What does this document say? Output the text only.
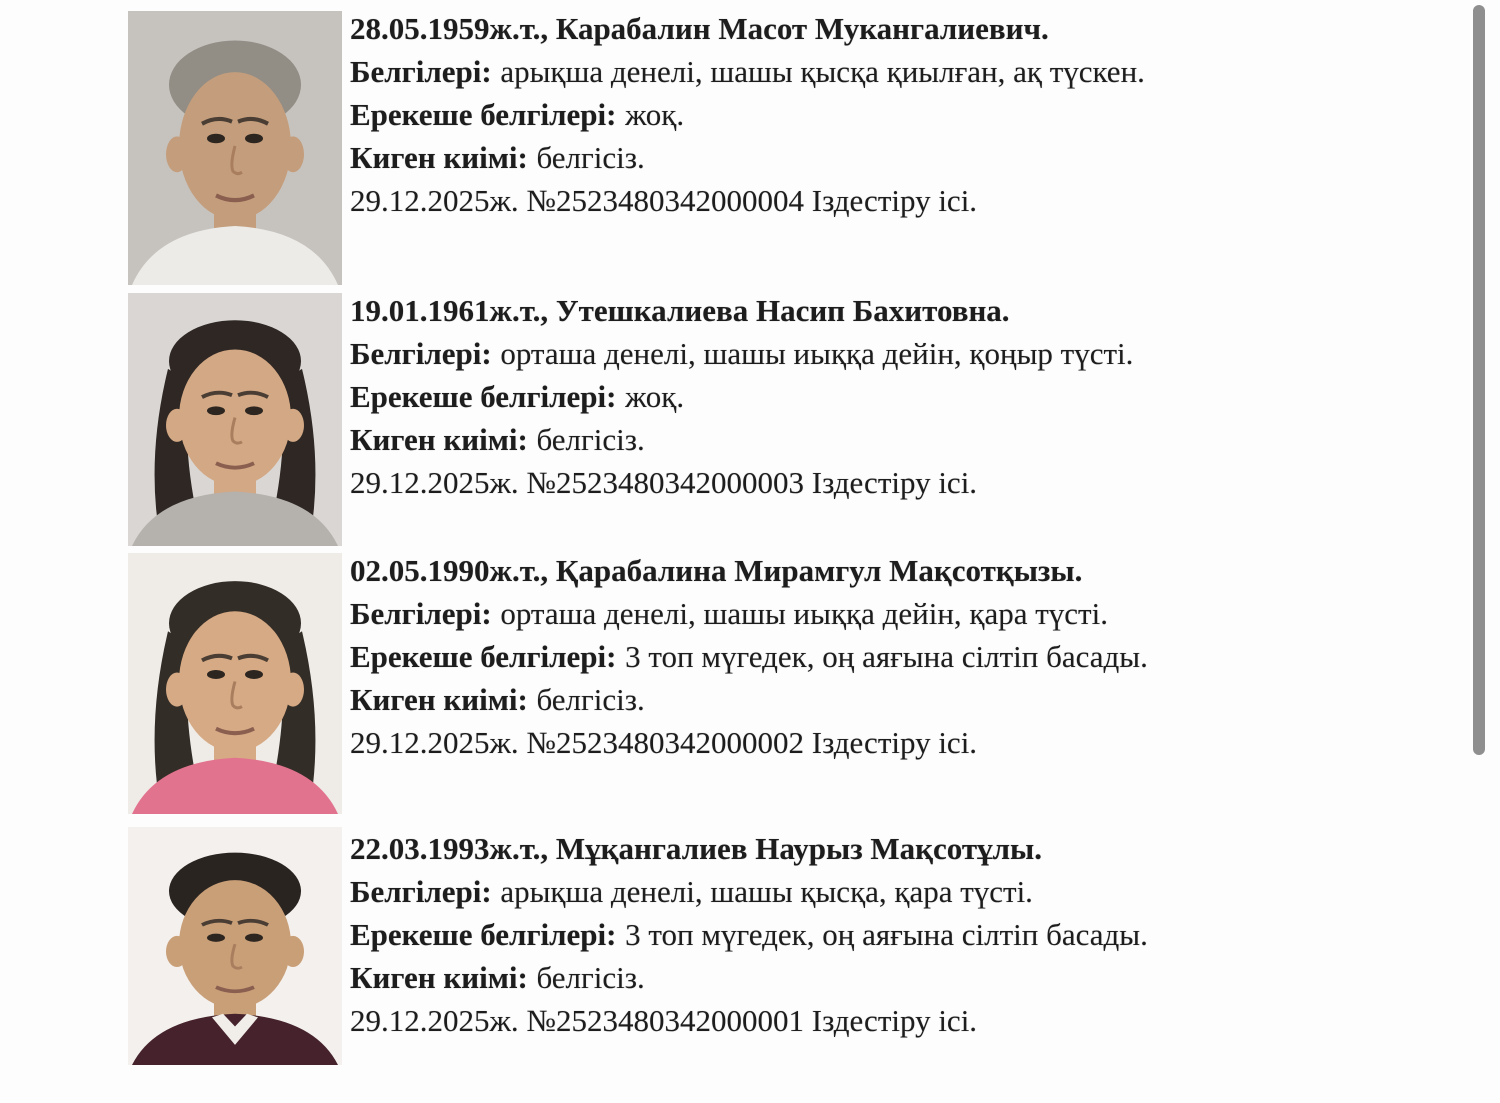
28.05.1959ж.т., Карабалин Масот Мукангалиевич.
Белгілері: арықша денелі, шашы қысқа қиылған, ақ түскен.
Ерекеше белгілері: жоқ.
Киген киімі: белгісіз.
29.12.2025ж. №2523480342000004 Іздестіру ісі.
19.01.1961ж.т., Утешкалиева Насип Бахитовна.
Белгілері: орташа денелі, шашы иыққа дейін, қоңыр түсті.
Ерекеше белгілері: жоқ.
Киген киімі: белгісіз.
29.12.2025ж. №2523480342000003 Іздестіру ісі.
02.05.1990ж.т., Қарабалина Мирамгул Мақсотқызы.
Белгілері: орташа денелі, шашы иыққа дейін, қара түсті.
Ерекеше белгілері: 3 топ мүгедек, оң аяғына сілтіп басады.
Киген киімі: белгісіз.
29.12.2025ж. №2523480342000002 Іздестіру ісі.
22.03.1993ж.т., Мұқангалиев Наурыз Мақсотұлы.
Белгілері: арықша денелі, шашы қысқа, қара түсті.
Ерекеше белгілері: 3 топ мүгедек, оң аяғына сілтіп басады.
Киген киімі: белгісіз.
29.12.2025ж. №2523480342000001 Іздестіру ісі.
